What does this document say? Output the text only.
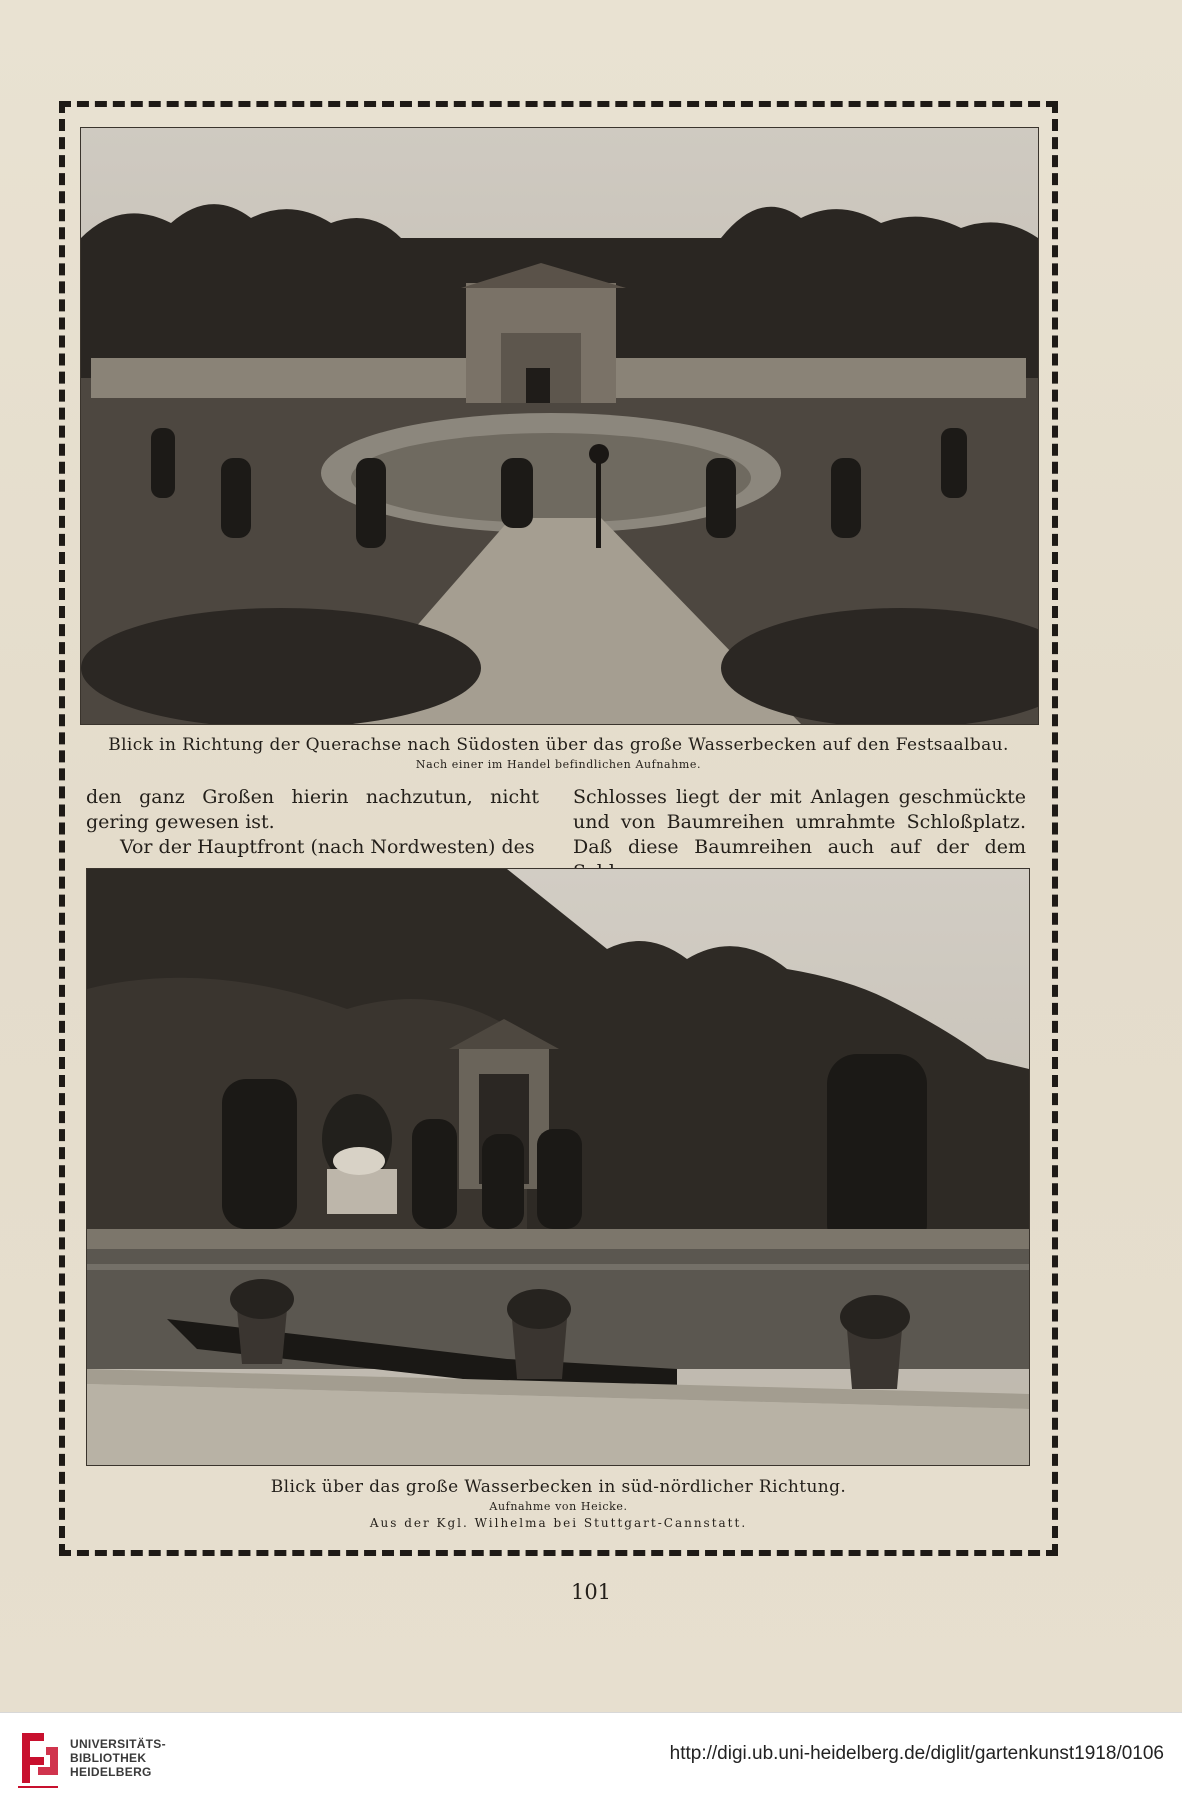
Blick in Richtung der Querachse nach Südosten über das große Wasserbecken auf den Festsaalbau.
Nach einer im Handel befindlichen Aufnahme.

den ganz Großen hierin nachzutun, nicht gering gewesen ist.

Vor der Hauptfront (nach Nordwesten) des

Schlosses liegt der mit Anlagen geschmückte und von Baumreihen umrahmte Schloßplatz. Daß diese Baumreihen auch auf der dem

Blick über das große Wasserbecken in süd-nördlicher Richtung.
Aufnahme von Heicke.
Aus der Kgl. Wilhelma bei Stuttgart-Cannstatt.
101
UNIVERSITÄTS-
BIBLIOTHEK
HEIDELBERG
http://digi.ub.uni-heidelberg.de/diglit/gartenkunst1918/0106
